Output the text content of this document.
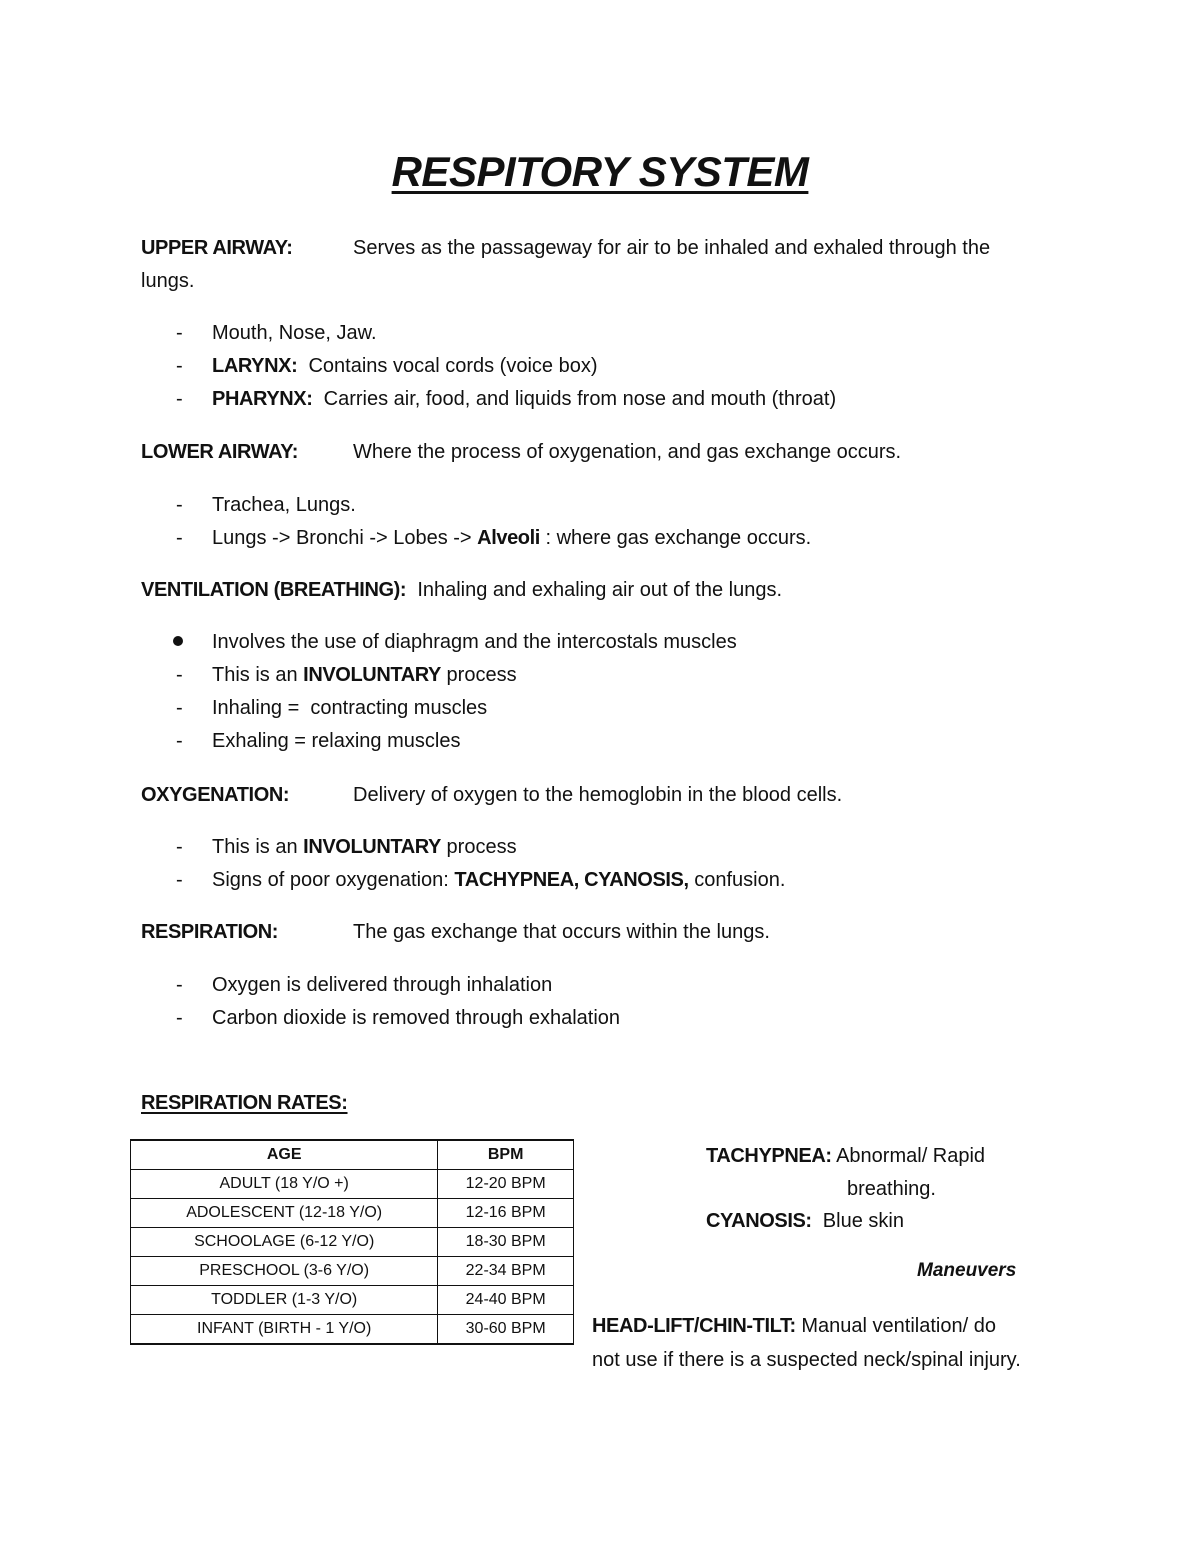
RESPITORY SYSTEM
UPPER AIRWAY:	Serves as the passageway for air to be inhaled and exhaled through the
lungs.
- Mouth, Nose, Jaw.
- LARYNX:  Contains vocal cords (voice box)
- PHARYNX:  Carries air, food, and liquids from nose and mouth (throat)
LOWER AIRWAY:	Where the process of oxygenation, and gas exchange occurs.
- Trachea, Lungs.
- Lungs -> Bronchi -> Lobes -> Alveoli : where gas exchange occurs.
VENTILATION (BREATHING): Inhaling and exhaling air out of the lungs.
Involves the use of diaphragm and the intercostals muscles
- This is an INVOLUNTARY process
- Inhaling =  contracting muscles
- Exhaling = relaxing muscles
OXYGENATION:	Delivery of oxygen to the hemoglobin in the blood cells.
- This is an INVOLUNTARY process
- Signs of poor oxygenation: TACHYPNEA, CYANOSIS, confusion.
RESPIRATION:	The gas exchange that occurs within the lungs.
- Oxygen is delivered through inhalation
- Carbon dioxide is removed through exhalation
RESPIRATION RATES:
AGE	BPM
ADULT (18 Y/O +)	12-20 BPM
ADOLESCENT (12-18 Y/O)	12-16 BPM
SCHOOLAGE (6-12 Y/O)	18-30 BPM
PRESCHOOL (3-6 Y/O)	22-34 BPM
TODDLER (1-3 Y/O)	24-40 BPM
INFANT (BIRTH - 1 Y/O)	30-60 BPM
TACHYPNEA: Abnormal/ Rapid
breathing.
CYANOSIS:  Blue skin
Maneuvers
HEAD-LIFT/CHIN-TILT: Manual ventilation/ do
not use if there is a suspected neck/spinal injury.
